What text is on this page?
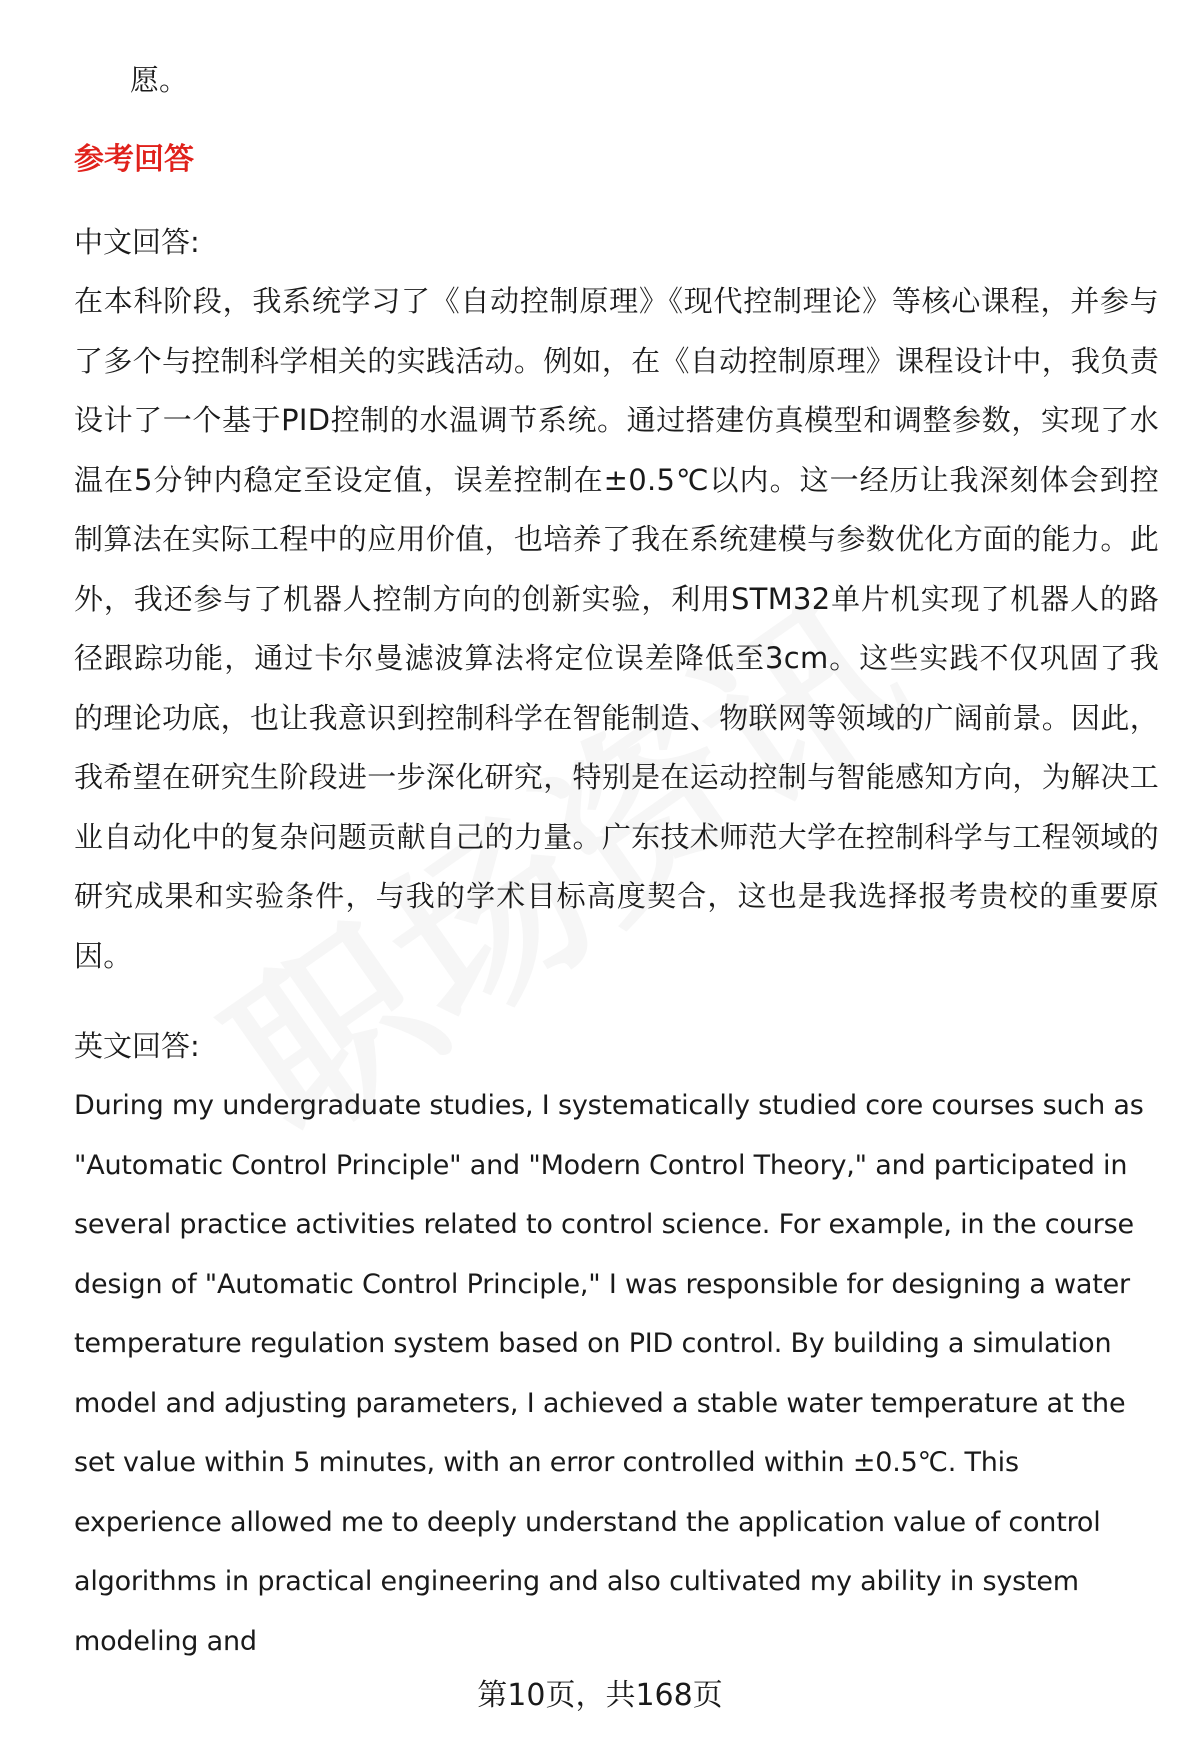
愿。

参考回答

中文回答:

在本科阶段，我系统学习了《自动控制原理》《现代控制理论》等核心课程，并参与了多个与控制科学相关的实践活动。例如，在《自动控制原理》课程设计中，我负责设计了一个基于PID控制的水温调节系统。通过搭建仿真模型和调整参数，实现了水温在5分钟内稳定至设定值，误差控制在±0.5℃以内。这一经历让我深刻体会到控制算法在实际工程中的应用价值，也培养了我在系统建模与参数优化方面的能力。此外，我还参与了机器人控制方向的创新实验，利用STM32单片机实现了机器人的路径跟踪功能，通过卡尔曼滤波算法将定位误差降低至3cm。这些实践不仅巩固了我的理论功底，也让我意识到控制科学在智能制造、物联网等领域的广阔前景。因此，我希望在研究生阶段进一步深化研究，特别是在运动控制与智能感知方向，为解决工业自动化中的复杂问题贡献自己的力量。广东技术师范大学在控制科学与工程领域的研究成果和实验条件，与我的学术目标高度契合，这也是我选择报考贵校的重要原因。

英文回答:

During my undergraduate studies, I systematically studied core courses such as "Automatic Control Principle" and "Modern Control Theory," and participated in several practice activities related to control science. For example, in the course design of "Automatic Control Principle," I was responsible for designing a water temperature regulation system based on PID control. By building a simulation model and adjusting parameters, I achieved a stable water temperature at the set value within 5 minutes, with an error controlled within ±0.5℃. This experience allowed me to deeply understand the application value of control algorithms in practical engineering and also cultivated my ability in system modeling and

第10页，共168页
